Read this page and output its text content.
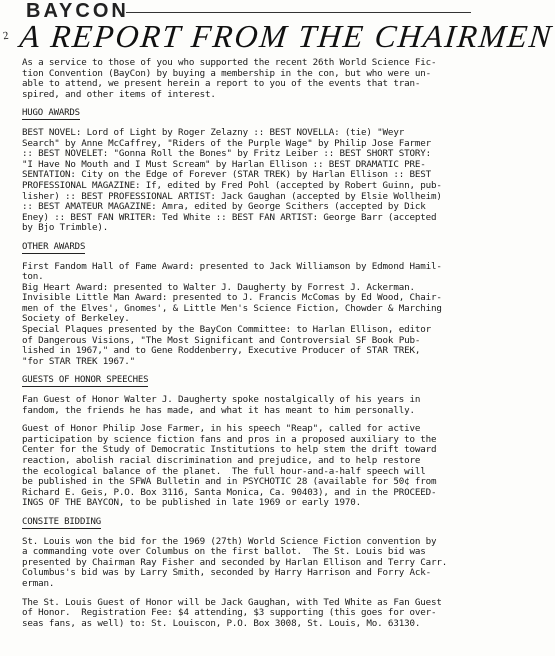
2
BAYCON
A REPORT FROM THE CHAIRMEN
As a service to those of you who supported the recent 26th World Science Fic-
tion Convention (BayCon) by buying a membership in the con, but who were un-
able to attend, we present herein a report to you of the events that tran-
spired, and other items of interest.
HUGO AWARDS
BEST NOVEL: Lord of Light by Roger Zelazny :: BEST NOVELLA: (tie) "Weyr
Search" by Anne McCaffrey, "Riders of the Purple Wage" by Philip Jose Farmer
:: BEST NOVELET: "Gonna Roll the Bones" by Fritz Leiber :: BEST SHORT STORY:
"I Have No Mouth and I Must Scream" by Harlan Ellison :: BEST DRAMATIC PRE-
SENTATION: City on the Edge of Forever (STAR TREK) by Harlan Ellison :: BEST
PROFESSIONAL MAGAZINE: If, edited by Fred Pohl (accepted by Robert Guinn, pub-
lisher) :: BEST PROFESSIONAL ARTIST: Jack Gaughan (accepted by Elsie Wollheim)
:: BEST AMATEUR MAGAZINE: Amra, edited by George Scithers (accepted by Dick
Eney) :: BEST FAN WRITER: Ted White :: BEST FAN ARTIST: George Barr (accepted
by Bjo Trimble).
OTHER AWARDS
First Fandom Hall of Fame Award: presented to Jack Williamson by Edmond Hamil-
ton.
Big Heart Award: presented to Walter J. Daugherty by Forrest J. Ackerman.
Invisible Little Man Award: presented to J. Francis McComas by Ed Wood, Chair-
men of the Elves', Gnomes', & Little Men's Science Fiction, Chowder & Marching
Society of Berkeley.
Special Plaques presented by the BayCon Committee: to Harlan Ellison, editor
of Dangerous Visions, "The Most Significant and Controversial SF Book Pub-
lished in 1967," and to Gene Roddenberry, Executive Producer of STAR TREK,
"for STAR TREK 1967."
GUESTS OF HONOR SPEECHES
Fan Guest of Honor Walter J. Daugherty spoke nostalgically of his years in
fandom, the friends he has made, and what it has meant to him personally.
Guest of Honor Philip Jose Farmer, in his speech "Reap", called for active
participation by science fiction fans and pros in a proposed auxiliary to the
Center for the Study of Democratic Institutions to help stem the drift toward
reaction, abolish racial discrimination and prejudice, and to help restore
the ecological balance of the planet.  The full hour-and-a-half speech will
be published in the SFWA Bulletin and in PSYCHOTIC 28 (available for 50¢ from
Richard E. Geis, P.O. Box 3116, Santa Monica, Ca. 90403), and in the PROCEED-
INGS OF THE BAYCON, to be published in late 1969 or early 1970.
CONSITE BIDDING
St. Louis won the bid for the 1969 (27th) World Science Fiction convention by
a commanding vote over Columbus on the first ballot.  The St. Louis bid was
presented by Chairman Ray Fisher and seconded by Harlan Ellison and Terry Carr.
Columbus's bid was by Larry Smith, seconded by Harry Harrison and Forry Ack-
erman.
The St. Louis Guest of Honor will be Jack Gaughan, with Ted White as Fan Guest
of Honor.  Registration Fee: $4 attending, $3 supporting (this goes for over-
seas fans, as well) to: St. Louiscon, P.O. Box 3008, St. Louis, Mo. 63130.
